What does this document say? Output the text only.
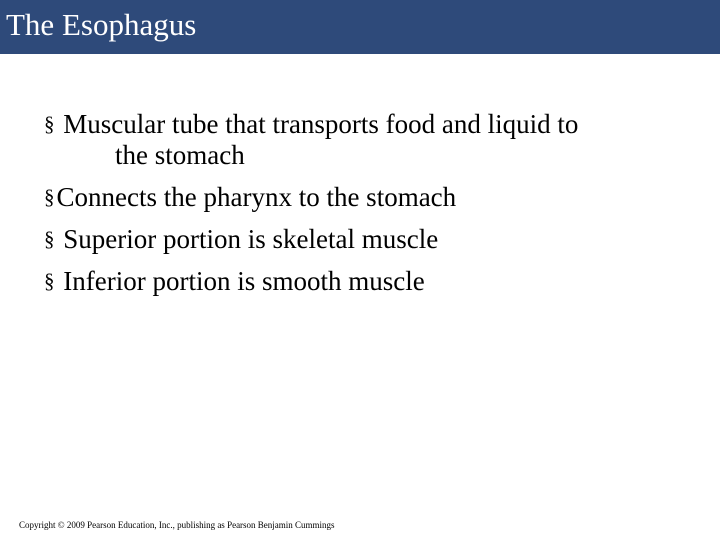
The Esophagus
§ Muscular tube that transports food and liquid to
the stomach
§Connects the pharynx to the stomach
§ Superior portion is skeletal muscle
§ Inferior portion is smooth muscle
Copyright © 2009 Pearson Education, Inc., publishing as Pearson Benjamin Cummings
